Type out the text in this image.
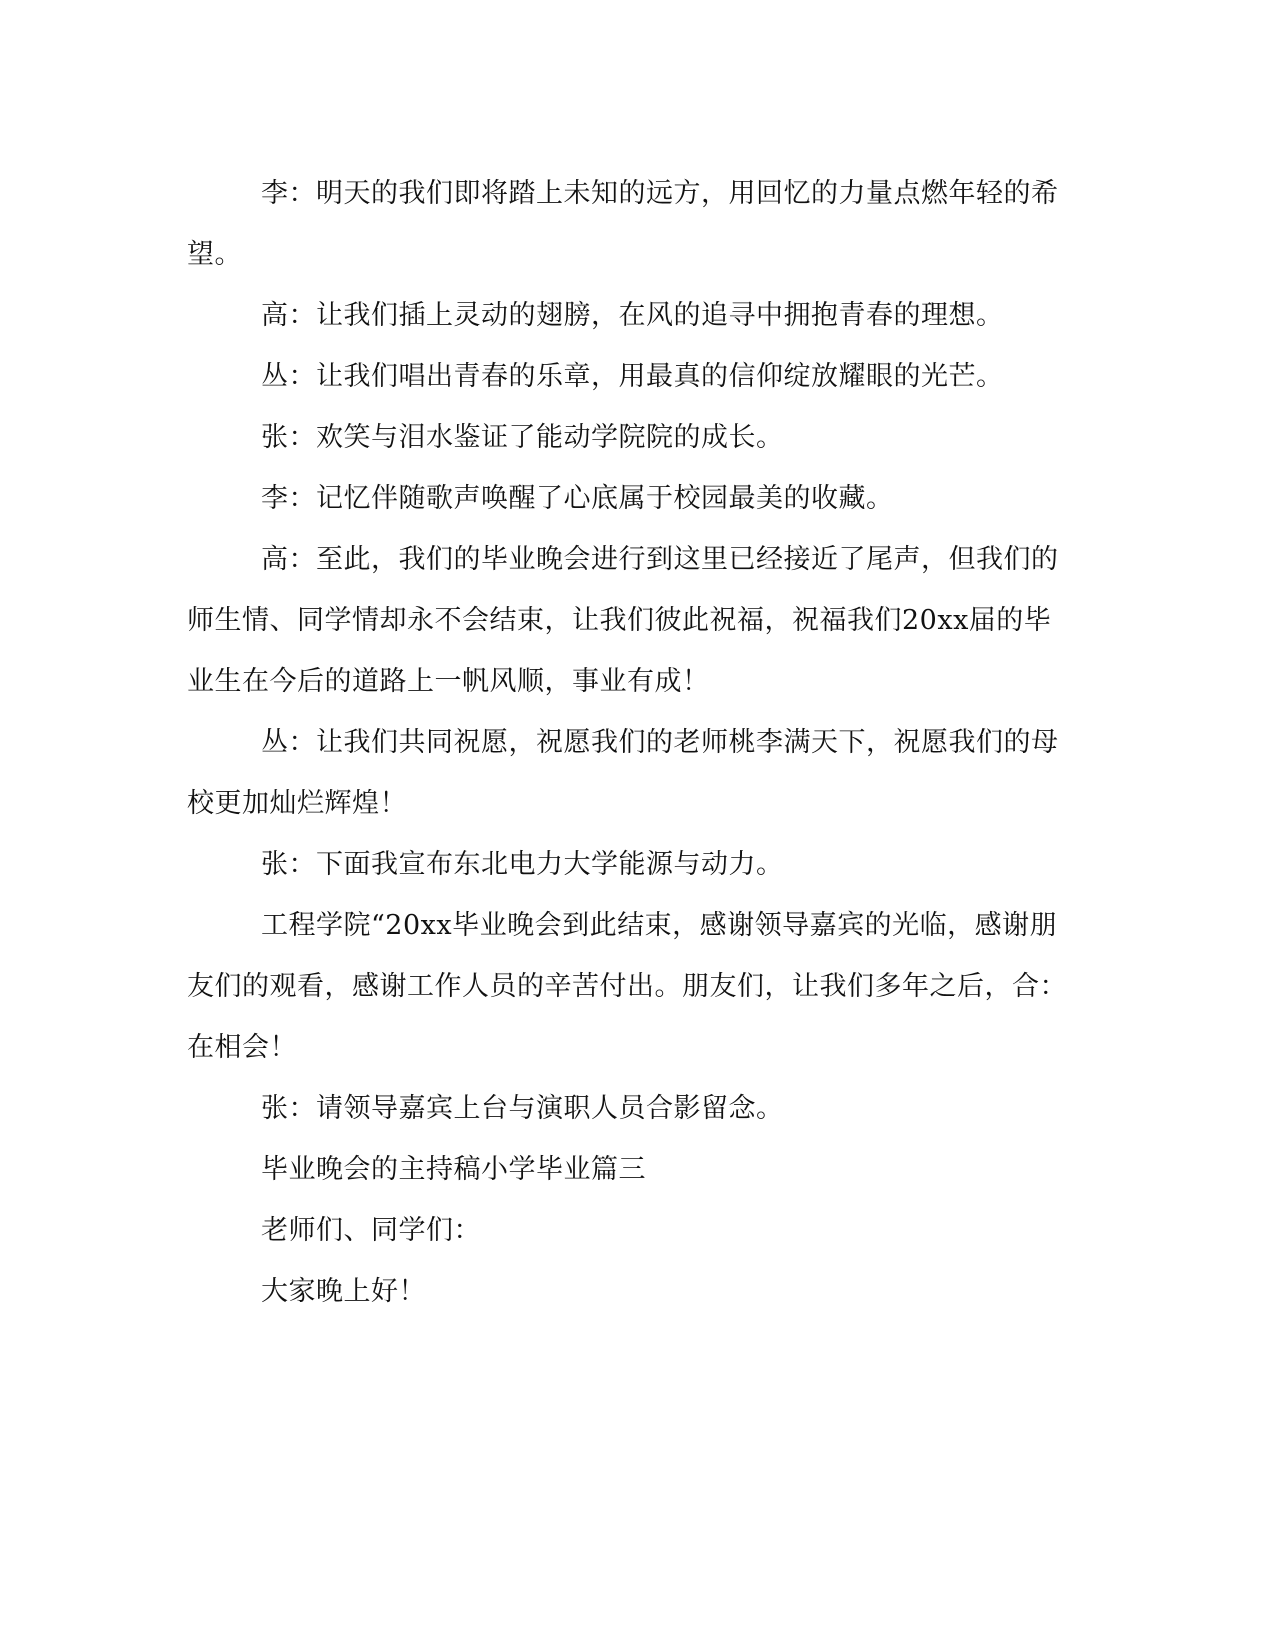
李：明天的我们即将踏上未知的远方，用回忆的力量点燃年轻的希望。

高：让我们插上灵动的翅膀，在风的追寻中拥抱青春的理想。

丛：让我们唱出青春的乐章，用最真的信仰绽放耀眼的光芒。

张：欢笑与泪水鉴证了能动学院院的成长。

李：记忆伴随歌声唤醒了心底属于校园最美的收藏。

高：至此，我们的毕业晚会进行到这里已经接近了尾声，但我们的师生情、同学情却永不会结束，让我们彼此祝福，祝福我们20xx届的毕业生在今后的道路上一帆风顺，事业有成！

丛：让我们共同祝愿，祝愿我们的老师桃李满天下，祝愿我们的母校更加灿烂辉煌！

张：下面我宣布东北电力大学能源与动力。

工程学院“20xx毕业晚会到此结束，感谢领导嘉宾的光临，感谢朋友们的观看，感谢工作人员的辛苦付出。朋友们，让我们多年之后，合：在相会！

张：请领导嘉宾上台与演职人员合影留念。

毕业晚会的主持稿小学毕业篇三

老师们、同学们：

大家晚上好！
